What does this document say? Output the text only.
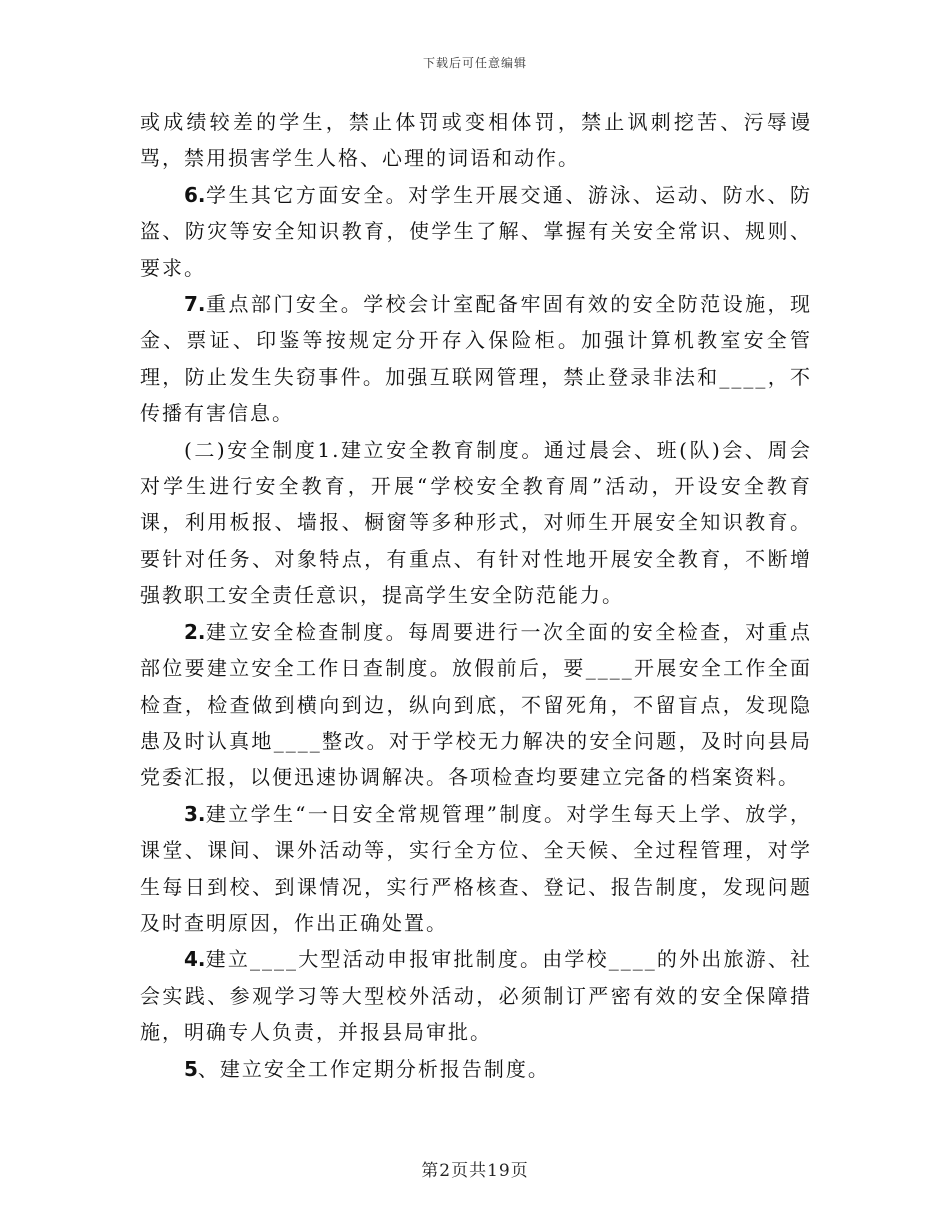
下载后可任意编辑

或成绩较差的学生，禁止体罚或变相体罚，禁止讽刺挖苦、污辱谩骂，禁用损害学生人格、心理的词语和动作。

6.学生其它方面安全。对学生开展交通、游泳、运动、防水、防盗、防灾等安全知识教育，使学生了解、掌握有关安全常识、规则、要求。

7.重点部门安全。学校会计室配备牢固有效的安全防范设施，现金、票证、印鉴等按规定分开存入保险柜。加强计算机教室安全管理，防止发生失窃事件。加强互联网管理，禁止登录非法和____，不传播有害信息。

(二)安全制度1.建立安全教育制度。通过晨会、班(队)会、周会对学生进行安全教育，开展“学校安全教育周”活动，开设安全教育课，利用板报、墙报、橱窗等多种形式，对师生开展安全知识教育。要针对任务、对象特点，有重点、有针对性地开展安全教育，不断增强教职工安全责任意识，提高学生安全防范能力。

2.建立安全检查制度。每周要进行一次全面的安全检查，对重点部位要建立安全工作日查制度。放假前后，要____开展安全工作全面检查，检查做到横向到边，纵向到底，不留死角，不留盲点，发现隐患及时认真地____整改。对于学校无力解决的安全问题，及时向县局党委汇报，以便迅速协调解决。各项检查均要建立完备的档案资料。

3.建立学生“一日安全常规管理”制度。对学生每天上学、放学，课堂、课间、课外活动等，实行全方位、全天候、全过程管理，对学生每日到校、到课情况，实行严格核查、登记、报告制度，发现问题及时查明原因，作出正确处置。

4.建立____大型活动申报审批制度。由学校____的外出旅游、社会实践、参观学习等大型校外活动，必须制订严密有效的安全保障措施，明确专人负责，并报县局审批。

5、建立安全工作定期分析报告制度。

第2页共19页
